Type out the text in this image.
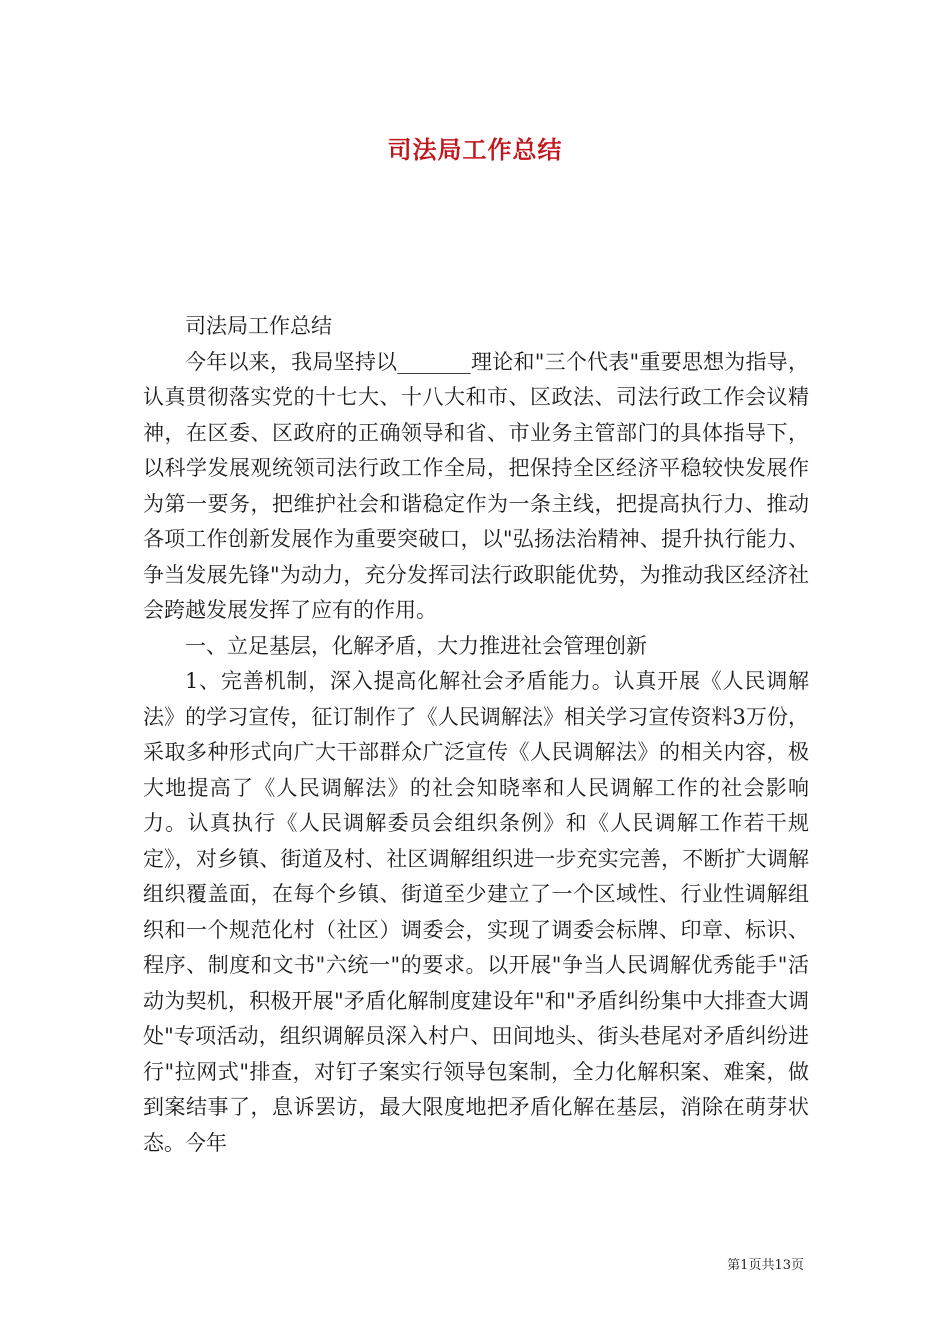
司法局工作总结

司法局工作总结

今年以来，我局坚持以_______理论和"三个代表"重要思想为指导，认真贯彻落实党的十七大、十八大和市、区政法、司法行政工作会议精神，在区委、区政府的正确领导和省、市业务主管部门的具体指导下，以科学发展观统领司法行政工作全局，把保持全区经济平稳较快发展作为第一要务，把维护社会和谐稳定作为一条主线，把提高执行力、推动各项工作创新发展作为重要突破口，以"弘扬法治精神、提升执行能力、争当发展先锋"为动力，充分发挥司法行政职能优势，为推动我区经济社会跨越发展发挥了应有的作用。

一、立足基层，化解矛盾，大力推进社会管理创新

1、完善机制，深入提高化解社会矛盾能力。认真开展《人民调解法》的学习宣传，征订制作了《人民调解法》相关学习宣传资料3万份，采取多种形式向广大干部群众广泛宣传《人民调解法》的相关内容，极大地提高了《人民调解法》的社会知晓率和人民调解工作的社会影响力。认真执行《人民调解委员会组织条例》和《人民调解工作若干规定》，对乡镇、街道及村、社区调解组织进一步充实完善，不断扩大调解组织覆盖面，在每个乡镇、街道至少建立了一个区域性、行业性调解组织和一个规范化村（社区）调委会，实现了调委会标牌、印章、标识、程序、制度和文书"六统一"的要求。以开展"争当人民调解优秀能手"活动为契机，积极开展"矛盾化解制度建设年"和"矛盾纠纷集中大排查大调处"专项活动，组织调解员深入村户、田间地头、街头巷尾对矛盾纠纷进行"拉网式"排查，对钉子案实行领导包案制，全力化解积案、难案，做到案结事了，息诉罢访，最大限度地把矛盾化解在基层，消除在萌芽状态。今年

第1页共13页
